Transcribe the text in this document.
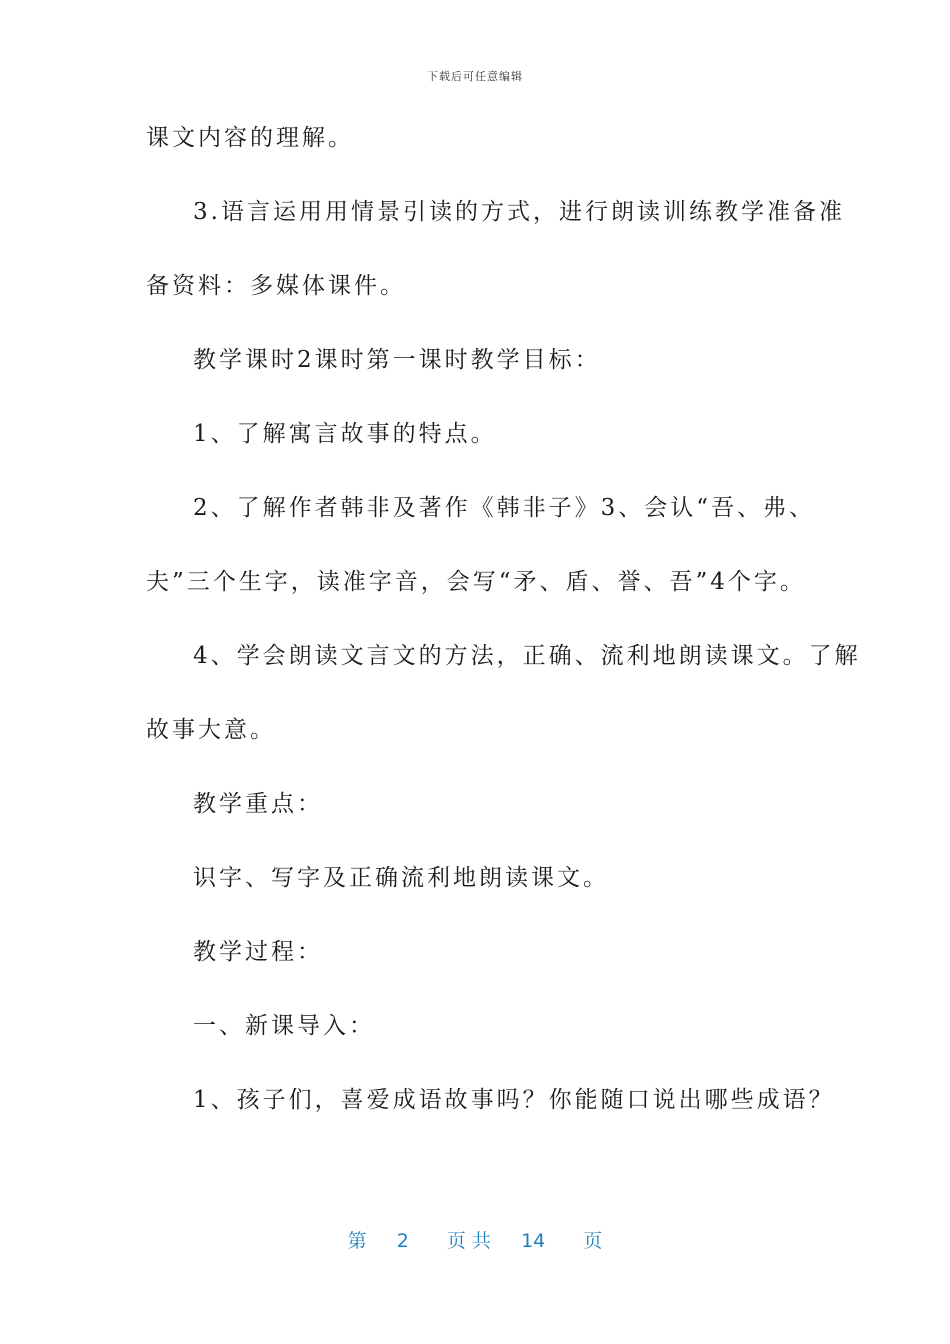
下载后可任意编辑
课文内容的理解。
3.语言运用用情景引读的方式，进行朗读训练教学准备准
备资料：多媒体课件。
教学课时2课时第一课时教学目标：
1、了解寓言故事的特点。
2、了解作者韩非及著作《韩非子》3、会认“吾、弗、
夫”三个生字，读准字音，会写“矛、盾、誉、吾”4个字。
4、学会朗读文言文的方法，正确、流利地朗读课文。了解
故事大意。
教学重点：
识字、写字及正确流利地朗读课文。
教学过程：
一、新课导入：
1、孩子们，喜爱成语故事吗？你能随口说出哪些成语？
第 2 页 共 14 页
